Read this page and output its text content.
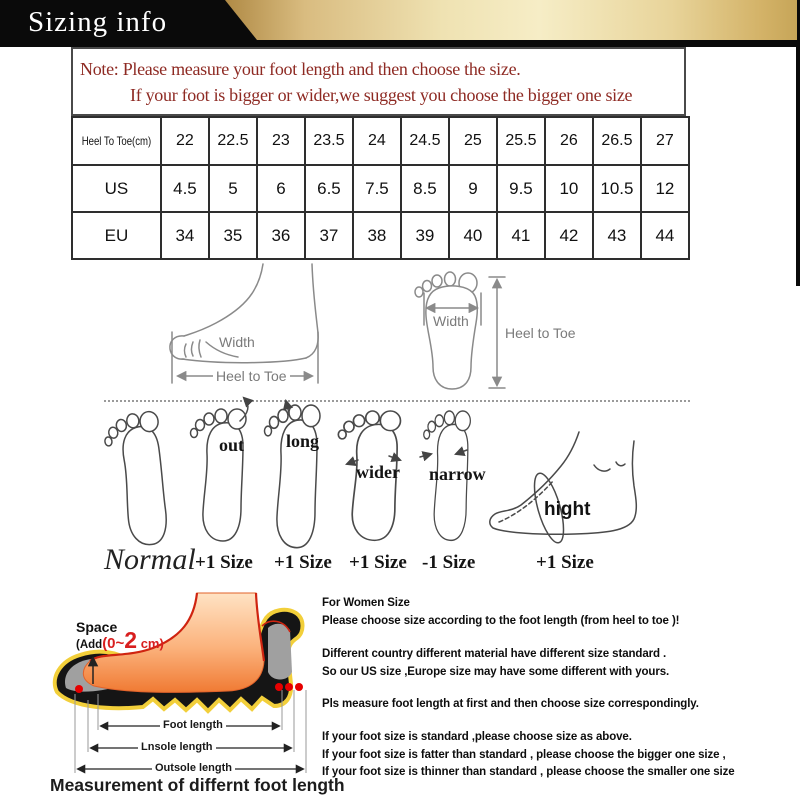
Sizing info
Note: Please measure your foot length and then choose the size.
If your foot is bigger or wider,we suggest you choose the bigger one size
Heel To Toe(cm)	22	22.5	23	23.5	24	24.5	25	25.5	26	26.5	27
US	4.5	5	6	6.5	7.5	8.5	9	9.5	10	10.5	12
EU	34	35	36	37	38	39	40	41	42	43	44
Width
Heel to Toe
Width
Heel to Toe
out long
wider narrow
hight
Normal +1 Size +1 Size +1 Size -1 Size	+1 Size
Space
(Add(0~2 cm)
Foot length
Lnsole length
Outsole length
Measurement of differnt foot length
For Women Size
Please choose size according to the foot length (from heel to toe )!
Different country different material have different size standard .
So our US size ,Europe size may have some different with yours.
Pls measure foot length at first and then choose size correspondingly.
If your foot size is standard ,please choose size as above.
If your foot size is fatter than standard , please choose the bigger one size ,
If your foot size is thinner than standard , please choose the smaller one size
